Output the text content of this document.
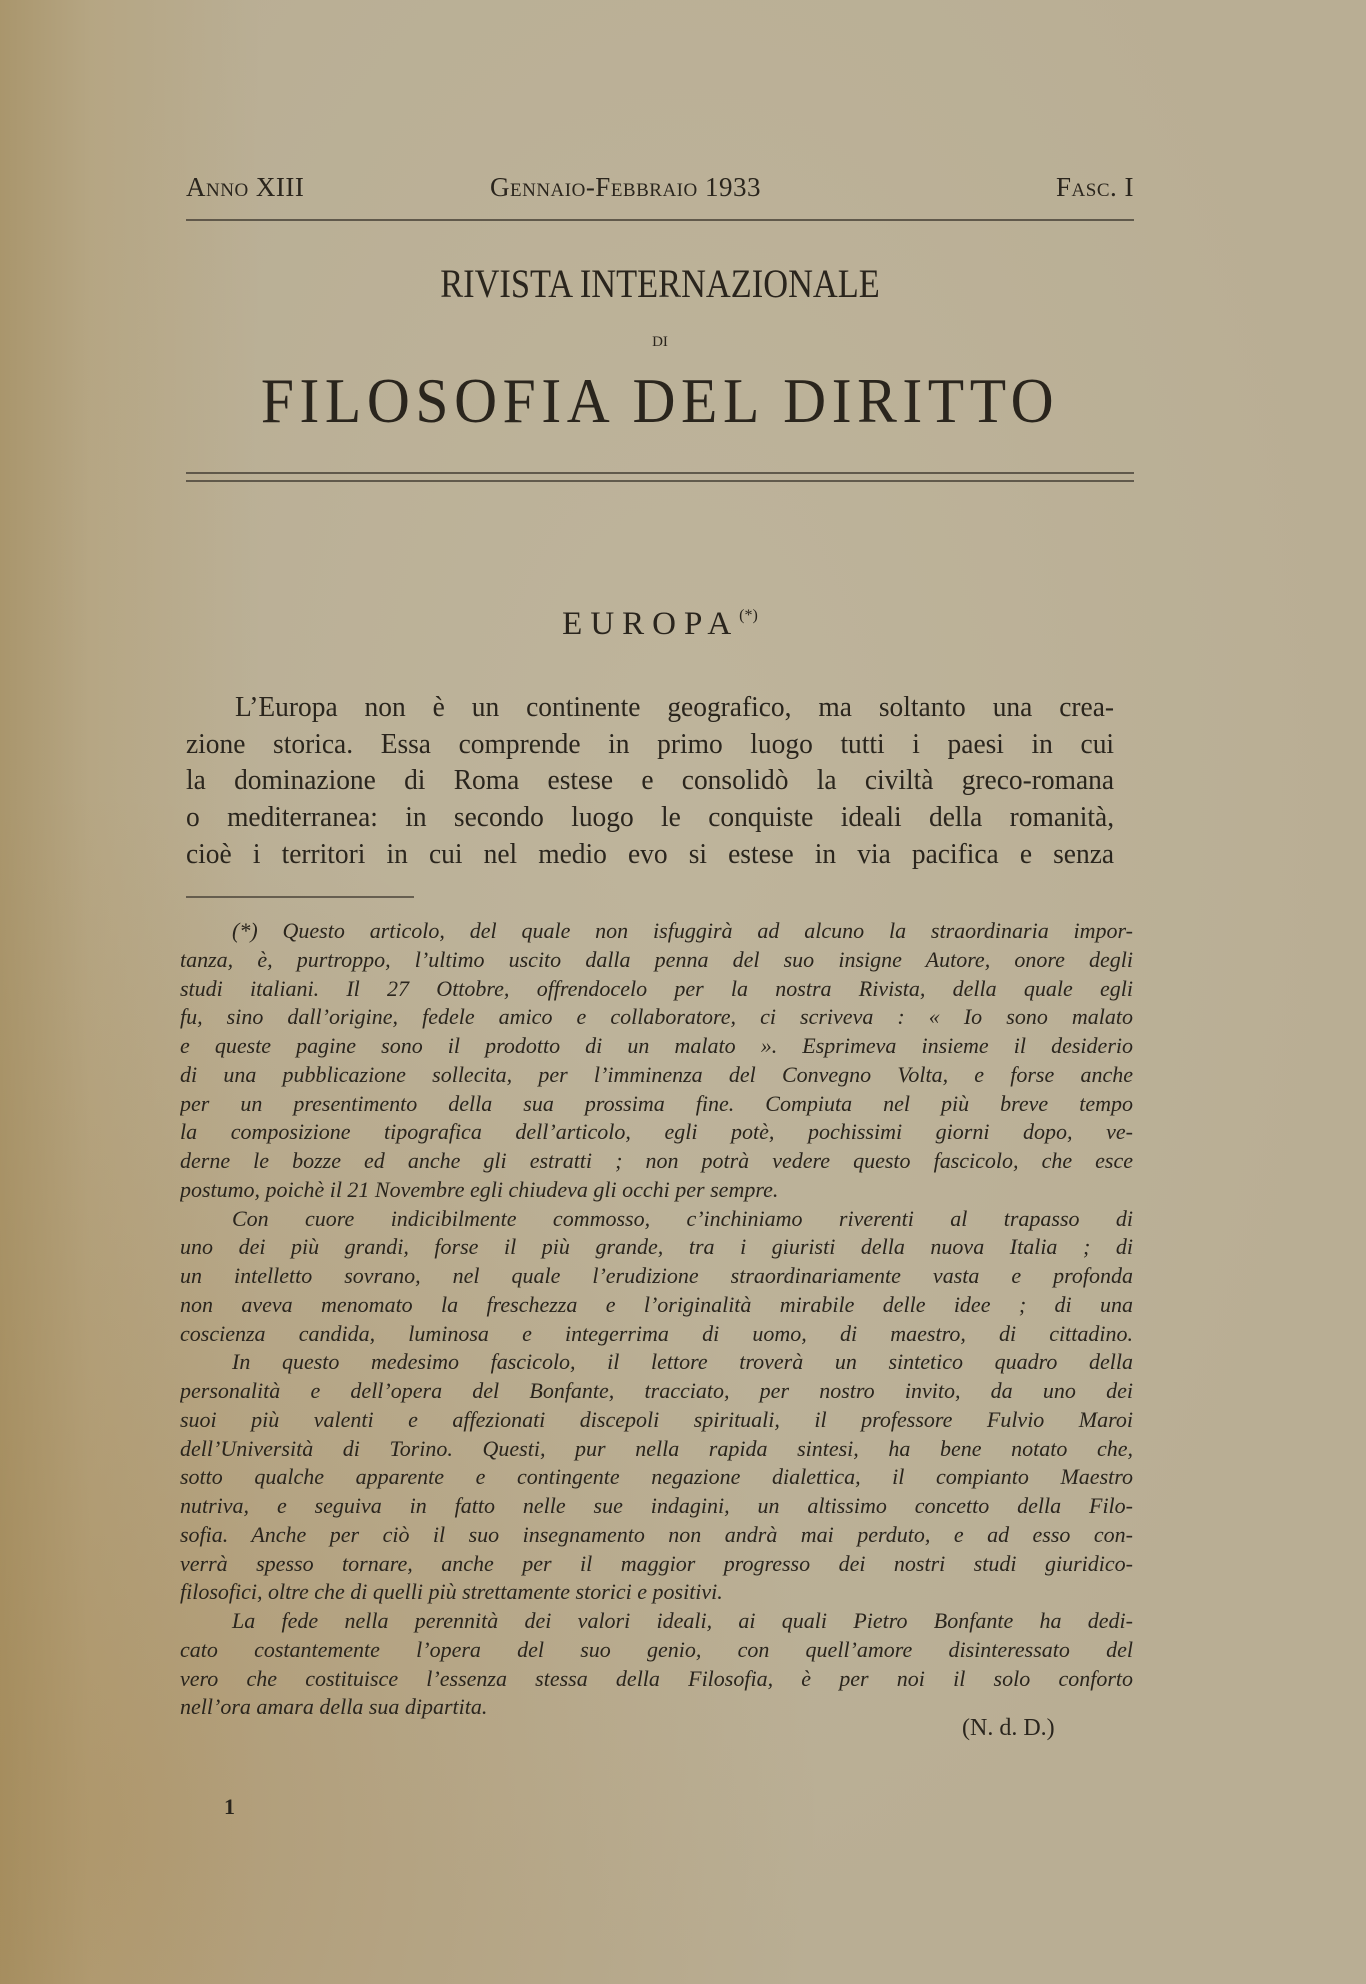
Anno XIII	Gennaio-Febbraio 1933	Fasc. I
RIVISTA INTERNAZIONALE
DI
FILOSOFIA DEL DIRITTO
EUROPA(*)
L’Europa non è un continente geografico, ma soltanto una crea-
zione storica. Essa comprende in primo luogo tutti i paesi in cui
la dominazione di Roma estese e consolidò la civiltà greco-romana
o mediterranea: in secondo luogo le conquiste ideali della romanità,
cioè i territori in cui nel medio evo si estese in via pacifica e senza
(*) Questo articolo, del quale non isfuggirà ad alcuno la straordinaria impor-
tanza, è, purtroppo, l’ultimo uscito dalla penna del suo insigne Autore, onore degli
studi italiani. Il 27 Ottobre, offrendocelo per la nostra Rivista, della quale egli
fu, sino dall’origine, fedele amico e collaboratore, ci scriveva : « Io sono malato
e queste pagine sono il prodotto di un malato ». Esprimeva insieme il desiderio
di una pubblicazione sollecita, per l’imminenza del Convegno Volta, e forse anche
per un presentimento della sua prossima fine. Compiuta nel più breve tempo
la composizione tipografica dell’articolo, egli potè, pochissimi giorni dopo, ve-
derne le bozze ed anche gli estratti ; non potrà vedere questo fascicolo, che esce
postumo, poichè il 21 Novembre egli chiudeva gli occhi per sempre.
Con cuore indicibilmente commosso, c’inchiniamo riverenti al trapasso di
uno dei più grandi, forse il più grande, tra i giuristi della nuova Italia ; di
un intelletto sovrano, nel quale l’erudizione straordinariamente vasta e profonda
non aveva menomato la freschezza e l’originalità mirabile delle idee ; di una
coscienza candida, luminosa e integerrima di uomo, di maestro, di cittadino.
In questo medesimo fascicolo, il lettore troverà un sintetico quadro della
personalità e dell’opera del Bonfante, tracciato, per nostro invito, da uno dei
suoi più valenti e affezionati discepoli spirituali, il professore Fulvio Maroi
dell’Università di Torino. Questi, pur nella rapida sintesi, ha bene notato che,
sotto qualche apparente e contingente negazione dialettica, il compianto Maestro
nutriva, e seguiva in fatto nelle sue indagini, un altissimo concetto della Filo-
sofia. Anche per ciò il suo insegnamento non andrà mai perduto, e ad esso con-
verrà spesso tornare, anche per il maggior progresso dei nostri studi giuridico-
filosofici, oltre che di quelli più strettamente storici e positivi.
La fede nella perennità dei valori ideali, ai quali Pietro Bonfante ha dedi-
cato costantemente l’opera del suo genio, con quell’amore disinteressato del
vero che costituisce l’essenza stessa della Filosofia, è per noi il solo conforto
nell’ora amara della sua dipartita.
(N. d. D.)
1
